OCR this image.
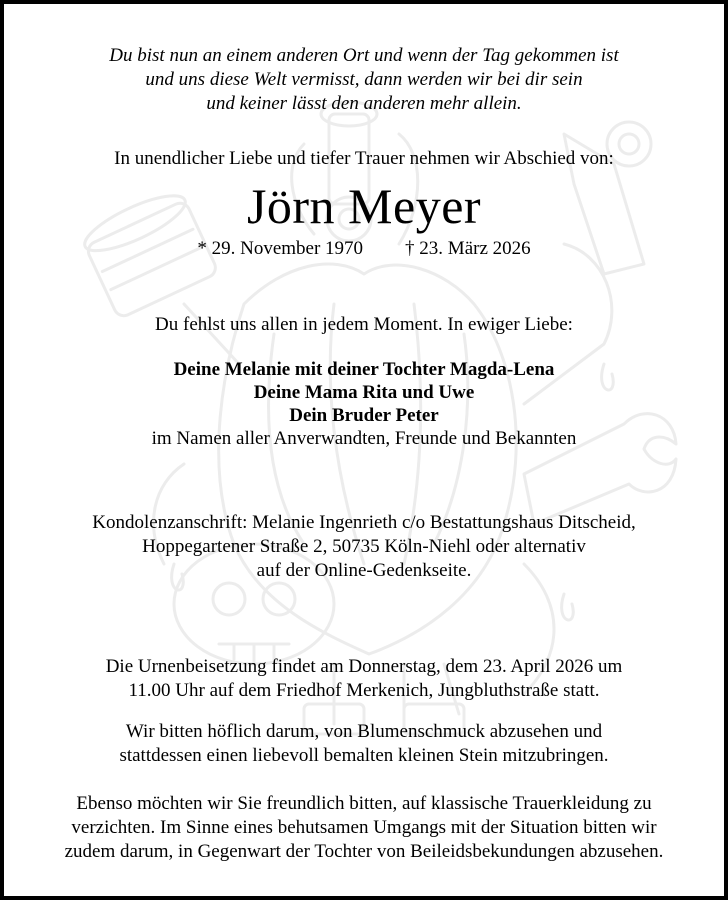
Du bist nun an einem anderen Ort und wenn der Tag gekommen ist
und uns diese Welt vermisst, dann werden wir bei dir sein
und keiner lässt den anderen mehr allein.
In unendlicher Liebe und tiefer Trauer nehmen wir Abschied von:
Jörn Meyer
* 29. November 1970 † 23. März 2026
Du fehlst uns allen in jedem Moment. In ewiger Liebe:
Deine Melanie mit deiner Tochter Magda-Lena
Deine Mama Rita und Uwe
Dein Bruder Peter
im Namen aller Anverwandten, Freunde und Bekannten
Kondolenzanschrift: Melanie Ingenrieth c/o Bestattungshaus Ditscheid,
Hoppegartener Straße 2, 50735 Köln-Niehl oder alternativ
auf der Online-Gedenkseite.
Die Urnenbeisetzung findet am Donnerstag, dem 23. April 2026 um
11.00 Uhr auf dem Friedhof Merkenich, Jungbluthstraße statt.
Wir bitten höflich darum, von Blumenschmuck abzusehen und
stattdessen einen liebevoll bemalten kleinen Stein mitzubringen.
Ebenso möchten wir Sie freundlich bitten, auf klassische Trauerkleidung zu
verzichten. Im Sinne eines behutsamen Umgangs mit der Situation bitten wir
zudem darum, in Gegenwart der Tochter von Beileidsbekundungen abzusehen.
